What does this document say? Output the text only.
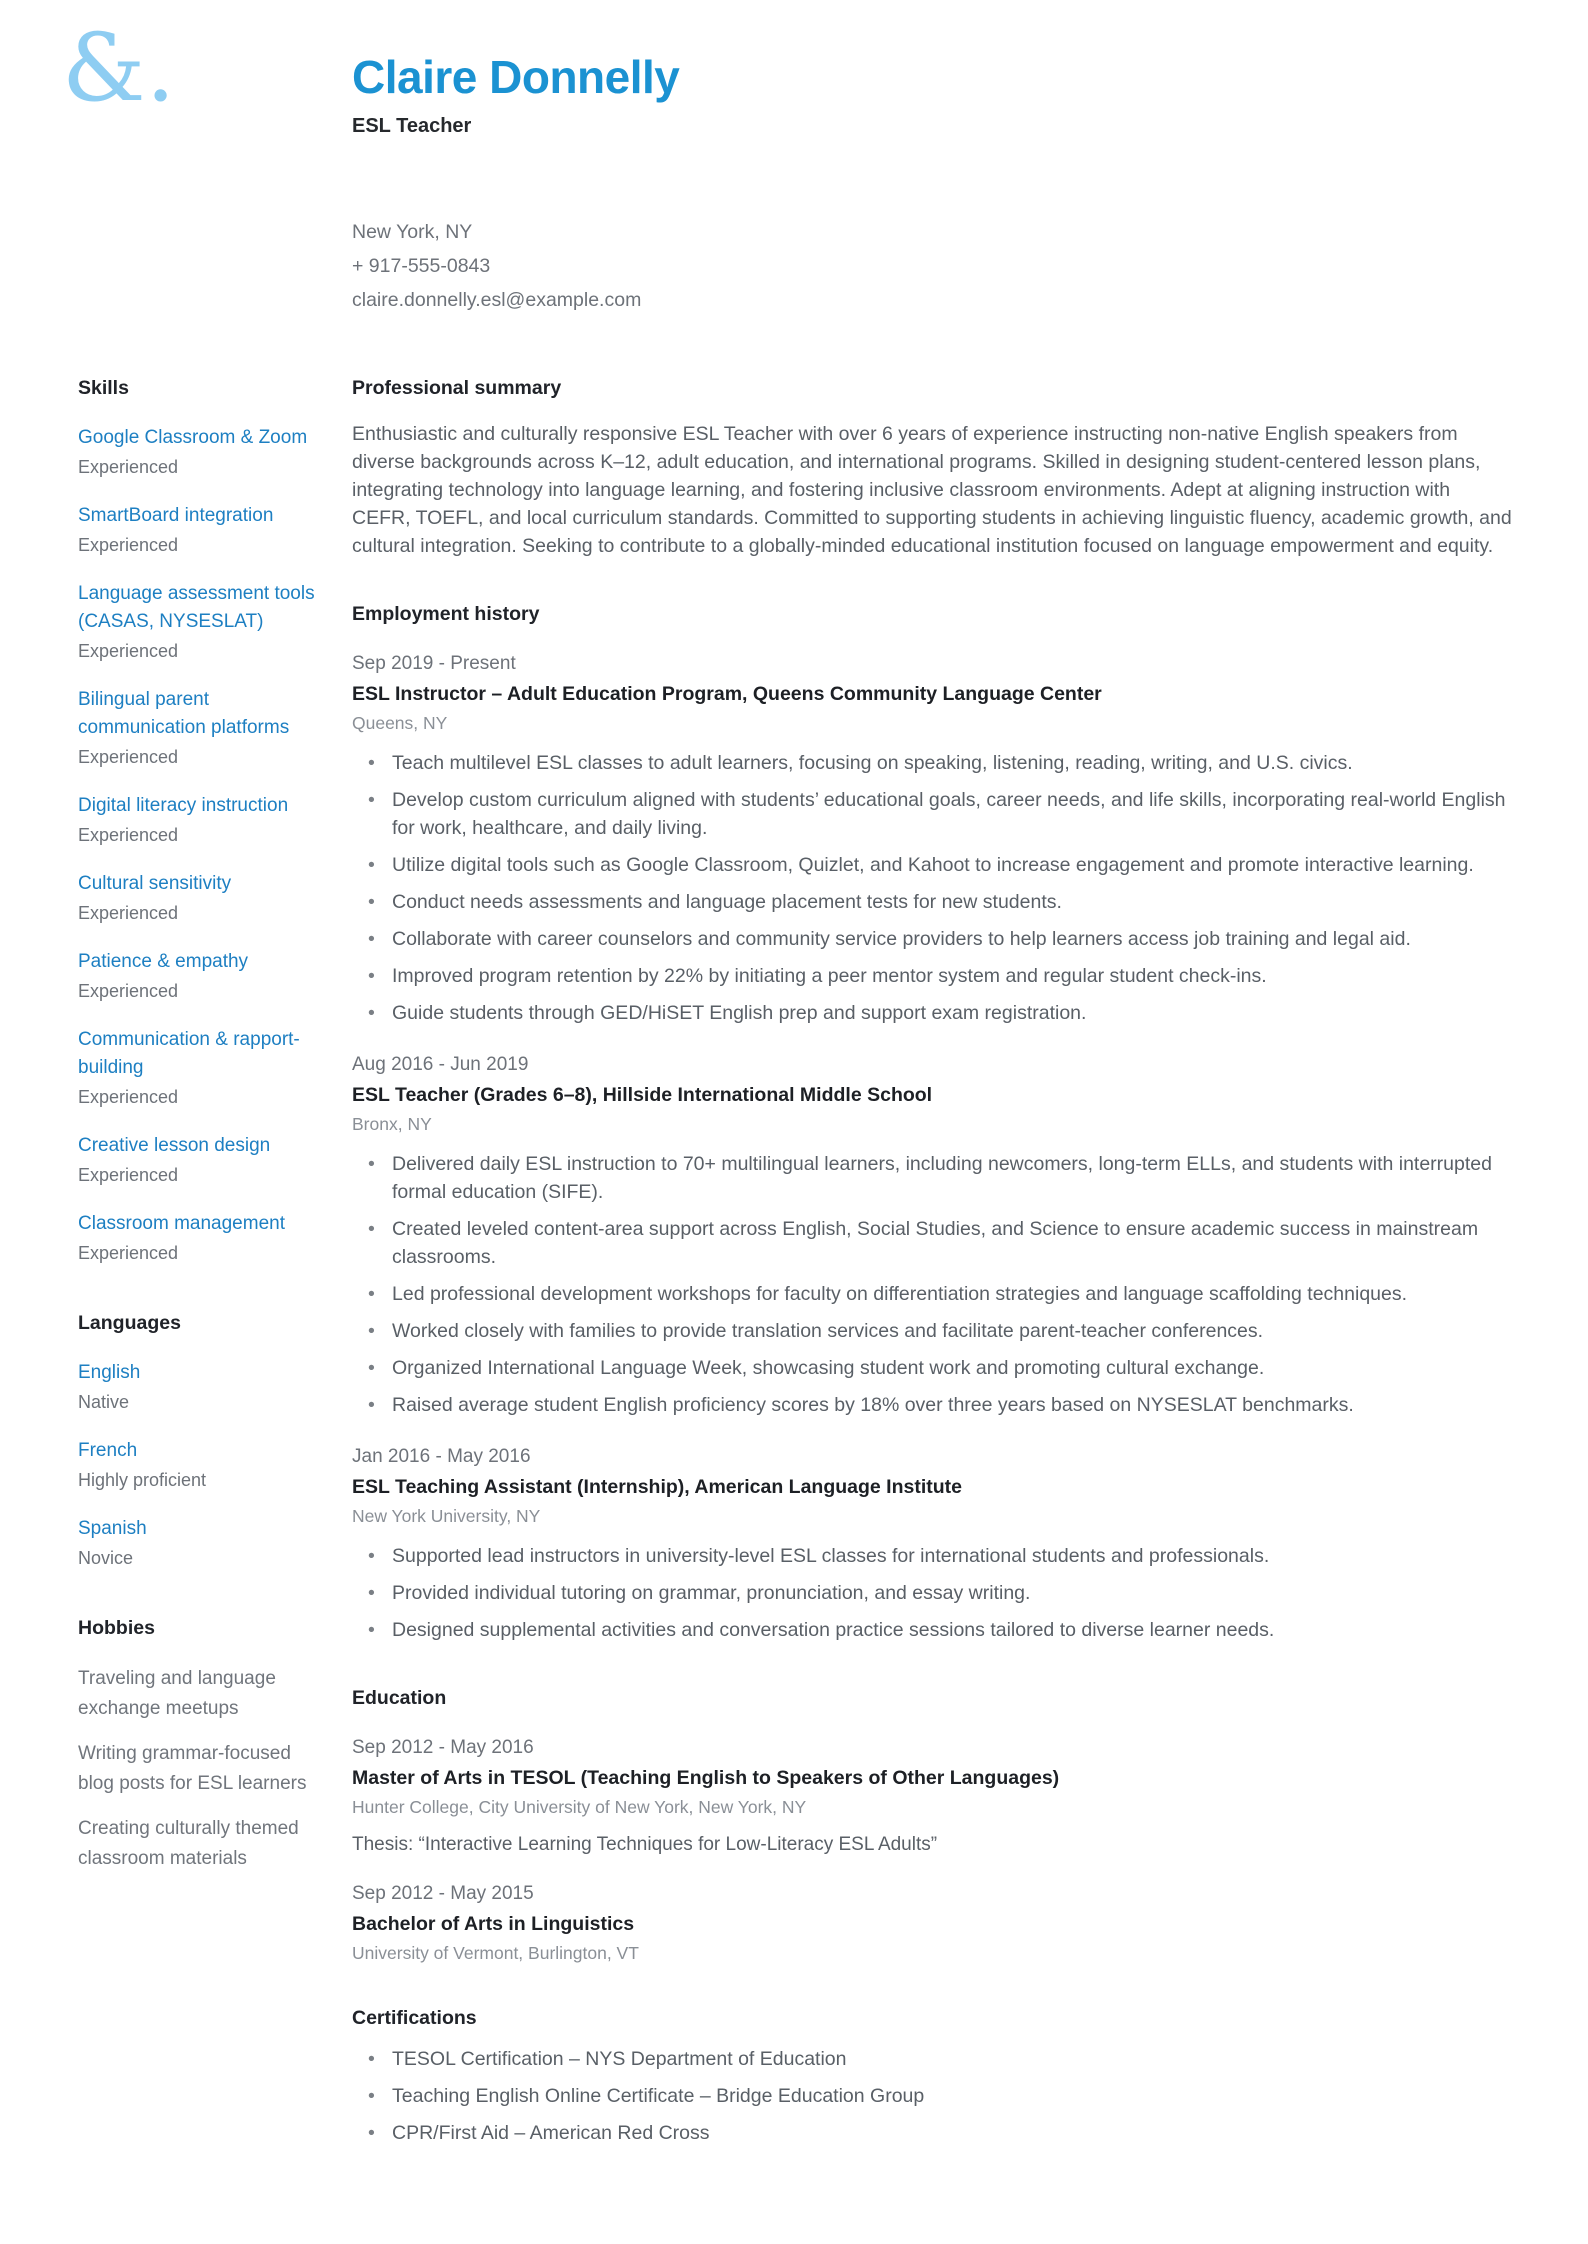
&.	Claire Donnelly
ESL Teacher
New York, NY
+ 917-555-0843
claire.donnelly.esl@example.com
Skills
Google Classroom & Zoom
Experienced
SmartBoard integration
Experienced
Language assessment tools (CASAS, NYSESLAT)
Experienced
Bilingual parent communication platforms
Experienced
Digital literacy instruction
Experienced
Cultural sensitivity
Experienced
Patience & empathy
Experienced
Communication & rapport-building
Experienced
Creative lesson design
Experienced
Classroom management
Experienced
Languages
English
Native
French
Highly proficient
Spanish
Novice
Hobbies
Traveling and language exchange meetups
Writing grammar-focused blog posts for ESL learners
Creating culturally themed classroom materials
Professional summary

Enthusiastic and culturally responsive ESL Teacher with over 6 years of experience instructing non-native English speakers from diverse backgrounds across K–12, adult education, and international programs. Skilled in designing student-centered lesson plans, integrating technology into language learning, and fostering inclusive classroom environments. Adept at aligning instruction with CEFR, TOEFL, and local curriculum standards. Committed to supporting students in achieving linguistic fluency, academic growth, and cultural integration. Seeking to contribute to a globally-minded educational institution focused on language empowerment and equity.

Employment history
Sep 2019 - Present
ESL Instructor – Adult Education Program, Queens Community Language Center
Queens, NY
• Teach multilevel ESL classes to adult learners, focusing on speaking, listening, reading, writing, and U.S. civics.
• Develop custom curriculum aligned with students’ educational goals, career needs, and life skills, incorporating real-world English for work, healthcare, and daily living.
• Utilize digital tools such as Google Classroom, Quizlet, and Kahoot to increase engagement and promote interactive learning.
• Conduct needs assessments and language placement tests for new students.
• Collaborate with career counselors and community service providers to help learners access job training and legal aid.
• Improved program retention by 22% by initiating a peer mentor system and regular student check-ins.
• Guide students through GED/HiSET English prep and support exam registration.
Aug 2016 - Jun 2019
ESL Teacher (Grades 6–8), Hillside International Middle School
Bronx, NY
• Delivered daily ESL instruction to 70+ multilingual learners, including newcomers, long-term ELLs, and students with interrupted formal education (SIFE).
• Created leveled content-area support across English, Social Studies, and Science to ensure academic success in mainstream classrooms.
• Led professional development workshops for faculty on differentiation strategies and language scaffolding techniques.
• Worked closely with families to provide translation services and facilitate parent-teacher conferences.
• Organized International Language Week, showcasing student work and promoting cultural exchange.
• Raised average student English proficiency scores by 18% over three years based on NYSESLAT benchmarks.
Jan 2016 - May 2016
ESL Teaching Assistant (Internship), American Language Institute
New York University, NY
• Supported lead instructors in university-level ESL classes for international students and professionals.
• Provided individual tutoring on grammar, pronunciation, and essay writing.
• Designed supplemental activities and conversation practice sessions tailored to diverse learner needs.
Education
Sep 2012 - May 2016
Master of Arts in TESOL (Teaching English to Speakers of Other Languages)
Hunter College, City University of New York, New York, NY
Thesis: “Interactive Learning Techniques for Low-Literacy ESL Adults”
Sep 2012 - May 2015
Bachelor of Arts in Linguistics
University of Vermont, Burlington, VT
Certifications
• TESOL Certification – NYS Department of Education
• Teaching English Online Certificate – Bridge Education Group
• CPR/First Aid – American Red Cross
